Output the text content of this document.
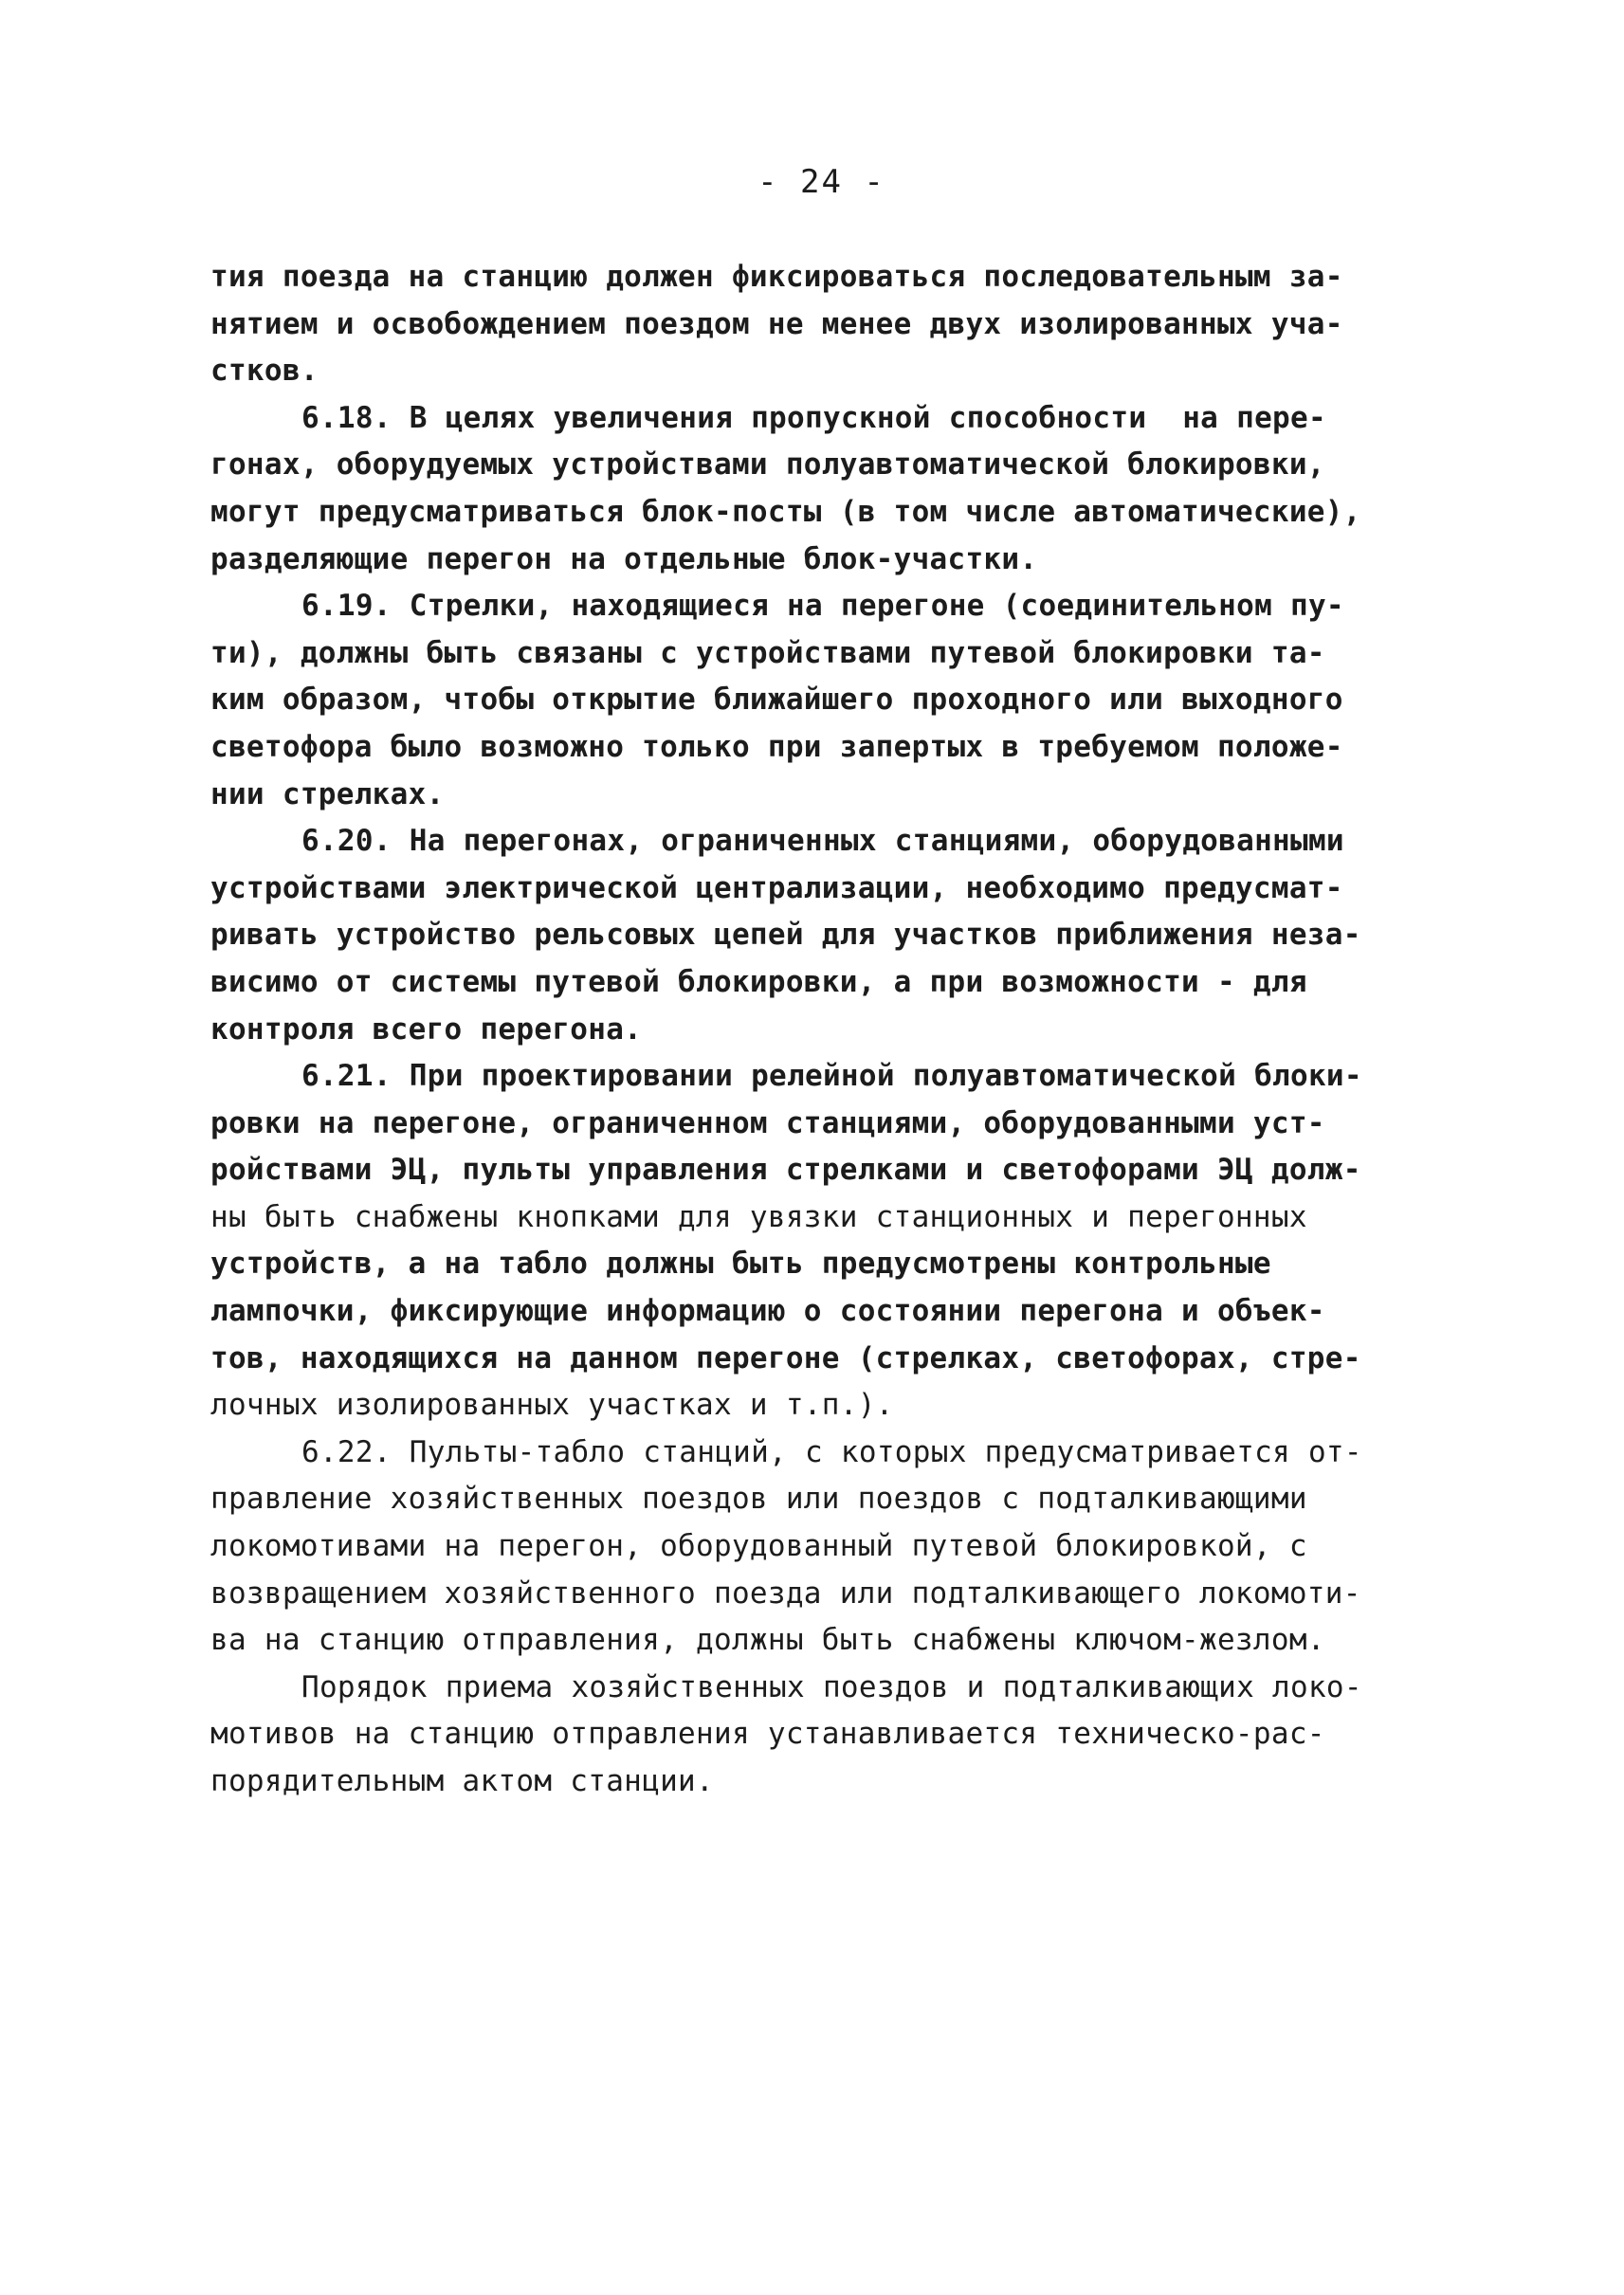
- 24 -
тия поезда на станцию должен фиксироваться последовательным за-
нятием и освобождением поездом не менее двух изолированных уча-
стков.
6.18. В целях увеличения пропускной способности  на пере-
гонах, оборудуемых устройствами полуавтоматической блокировки,
могут предусматриваться блок-посты (в том числе автоматические),
разделяющие перегон на отдельные блок-участки.
6.19. Стрелки, находящиеся на перегоне (соединительном пу-
ти), должны быть связаны с устройствами путевой блокировки та-
ким образом, чтобы открытие ближайшего проходного или выходного
светофора было возможно только при запертых в требуемом положе-
нии стрелках.
6.20. На перегонах, ограниченных станциями, оборудованными
устройствами электрической централизации, необходимо предусмат-
ривать устройство рельсовых цепей для участков приближения неза-
висимо от системы путевой блокировки, а при возможности - для
контроля всего перегона.
6.21. При проектировании релейной полуавтоматической блоки-
ровки на перегоне, ограниченном станциями, оборудованными уст-
ройствами ЭЦ, пульты управления стрелками и светофорами ЭЦ долж-
ны быть снабжены кнопками для увязки станционных и перегонных
устройств, а на табло должны быть предусмотрены контрольные
лампочки, фиксирующие информацию о состоянии перегона и объек-
тов, находящихся на данном перегоне (стрелках, светофорах, стре-
лочных изолированных участках и т.п.).
6.22. Пульты-табло станций, с которых предусматривается от-
правление хозяйственных поездов или поездов с подталкивающими
локомотивами на перегон, оборудованный путевой блокировкой, с
возвращением хозяйственного поезда или подталкивающего локомоти-
ва на станцию отправления, должны быть снабжены ключом-жезлом.
Порядок приема хозяйственных поездов и подталкивающих локо-
мотивов на станцию отправления устанавливается техническо-рас-
порядительным актом станции.
